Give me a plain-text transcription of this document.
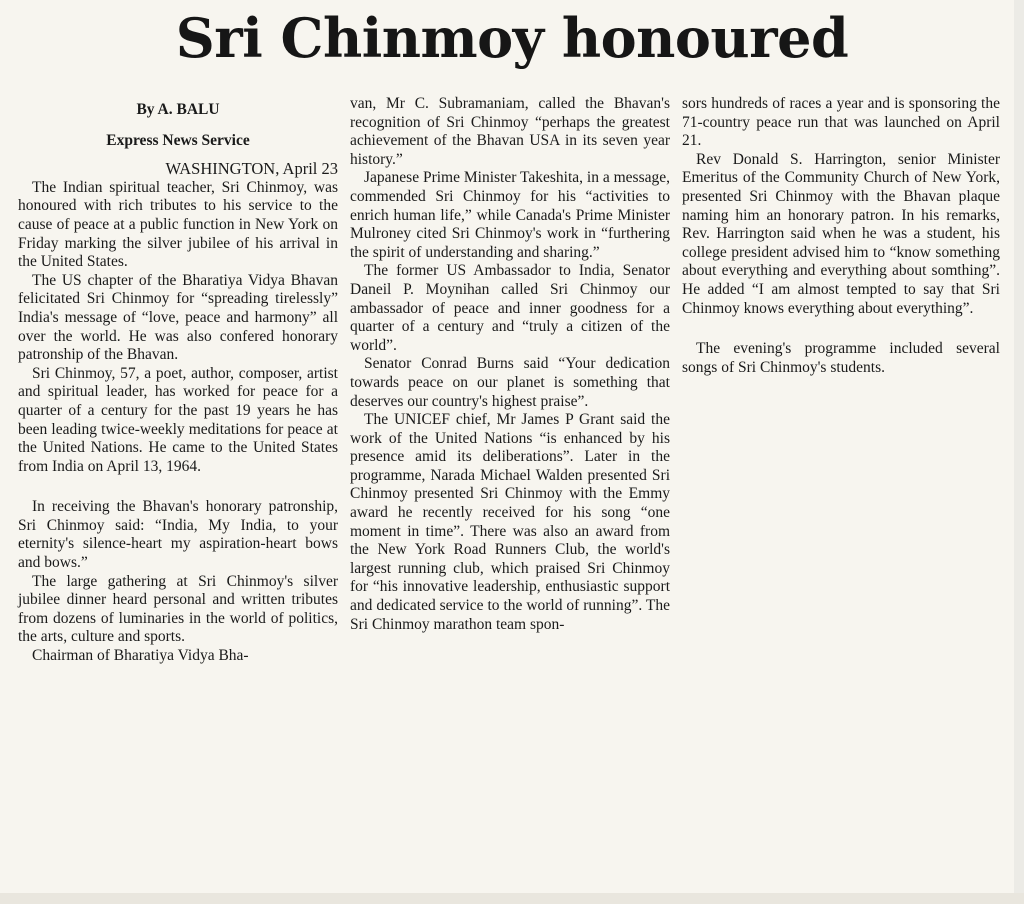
Sri Chinmoy honoured

By A. BALU

Express News Service

WASHINGTON, April 23

The Indian spiritual teacher, Sri Chinmoy, was honoured with rich tributes to his service to the cause of peace at a public function in New York on Friday marking the silver jubilee of his arrival in the United States.

The US chapter of the Bharatiya Vidya Bhavan felicitated Sri Chinmoy for “spreading tirelessly” India's message of “love, peace and harmony” all over the world. He was also confered honorary patronship of the Bhavan.

Sri Chinmoy, 57, a poet, author, composer, artist and spiritual leader, has worked for peace for a quarter of a century for the past 19 years he has been leading twice-weekly meditations for peace at the United Nations. He came to the United States from India on April 13, 1964.

In receiving the Bhavan's honorary patronship, Sri Chinmoy said: “India, My India, to your eternity's silence-heart my aspiration-heart bows and bows.”

The large gathering at Sri Chinmoy's silver jubilee dinner heard personal and written tributes from dozens of luminaries in the world of politics, the arts, culture and sports.

Chairman of Bharatiya Vidya Bha-

van, Mr C. Subramaniam, called the Bhavan's recognition of Sri Chinmoy “perhaps the greatest achievement of the Bhavan USA in its seven year history.”

Japanese Prime Minister Takeshita, in a message, commended Sri Chinmoy for his “activities to enrich human life,” while Canada's Prime Minister Mulroney cited Sri Chinmoy's work in “furthering the spirit of understanding and sharing.”

The former US Ambassador to India, Senator Daneil P. Moynihan called Sri Chinmoy our ambassador of peace and inner goodness for a quarter of a century and “truly a citizen of the world”.

Senator Conrad Burns said “Your dedication towards peace on our planet is something that deserves our country's highest praise”.

The UNICEF chief, Mr James P Grant said the work of the United Nations “is enhanced by his presence amid its deliberations”. Later in the programme, Narada Michael Walden presented Sri Chinmoy presented Sri Chinmoy with the Emmy award he recently received for his song “one moment in time”. There was also an award from the New York Road Runners Club, the world's largest running club, which praised Sri Chinmoy for “his innovative leadership, enthusiastic support and dedicated service to the world of running”. The Sri Chinmoy marathon team spon-

sors hundreds of races a year and is sponsoring the 71-country peace run that was launched on April 21.

Rev Donald S. Harrington, senior Minister Emeritus of the Community Church of New York, presented Sri Chinmoy with the Bhavan plaque naming him an honorary patron. In his remarks, Rev. Harrington said when he was a student, his college president advised him to “know something about everything and everything about somthing”. He added “I am almost tempted to say that Sri Chinmoy knows everything about everything”.

The evening's programme included several songs of Sri Chinmoy's students.
